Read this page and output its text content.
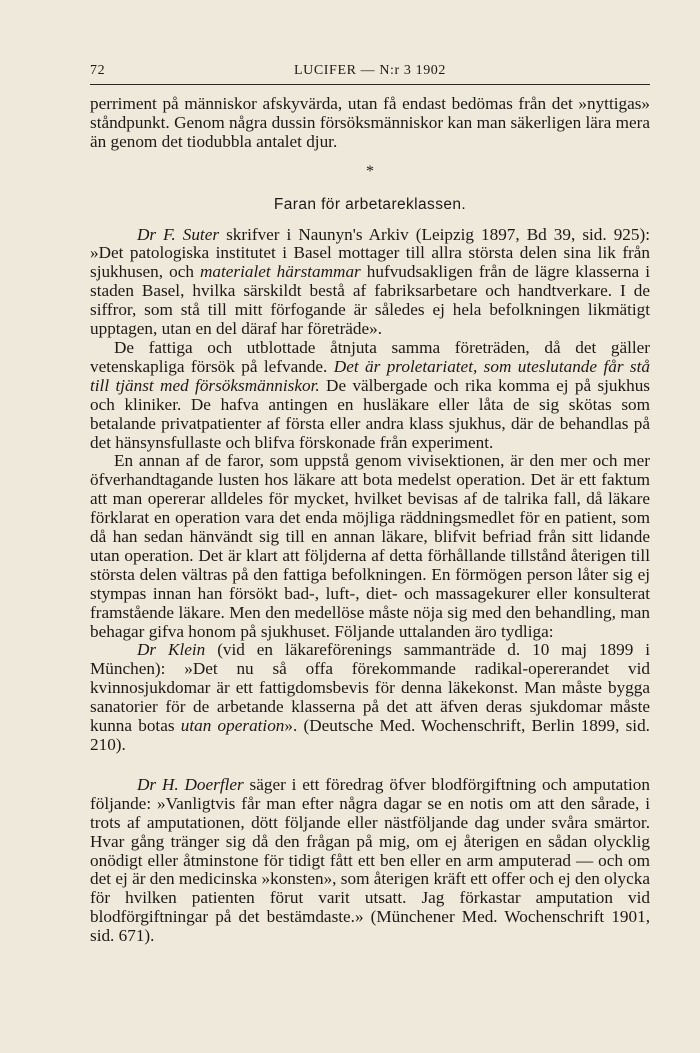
72	LUCIFER — N:r 3 1902

perriment på människor afskyvärda, utan få endast bedömas från det »nyttigas» ståndpunkt. Genom några dussin försöksmänniskor kan man säkerligen lära mera än genom det tiodubbla antalet djur.

*
Faran för arbetareklassen.

Dr F. Suter skrifver i Naunyn's Arkiv (Leipzig 1897, Bd 39, sid. 925): »Det patologiska institutet i Basel mottager till allra största delen sina lik från sjukhusen, och materialet härstammar hufvudsakligen från de lägre klasserna i staden Basel, hvilka särskildt bestå af fabriksarbetare och handtverkare. I de siffror, som stå till mitt förfogande är således ej hela befolkningen likmätigt upptagen, utan en del däraf har företräde».

De fattiga och utblottade åtnjuta samma företräden, då det gäller vetenskapliga försök på lefvande. Det är proletariatet, som uteslutande får stå till tjänst med försöksmänniskor. De välbergade och rika komma ej på sjukhus och kliniker. De hafva antingen en husläkare eller låta de sig skötas som betalande privatpatienter af första eller andra klass sjukhus, där de behandlas på det hänsynsfullaste och blifva förskonade från experiment.

En annan af de faror, som uppstå genom vivisektionen, är den mer och mer öfverhandtagande lusten hos läkare att bota medelst operation. Det är ett faktum att man opererar alldeles för mycket, hvilket bevisas af de talrika fall, då läkare förklarat en operation vara det enda möjliga räddningsmedlet för en patient, som då han sedan hänvändt sig till en annan läkare, blifvit befriad från sitt lidande utan operation. Det är klart att följderna af detta förhållande tillstånd återigen till största delen vältras på den fattiga befolkningen. En förmögen person låter sig ej stympas innan han försökt bad-, luft-, diet- och massagekurer eller konsulterat framstående läkare. Men den medellöse måste nöja sig med den behandling, man behagar gifva honom på sjukhuset. Följande uttalanden äro tydliga:

Dr Klein (vid en läkareförenings sammanträde d. 10 maj 1899 i München): »Det nu så offa förekommande radikal-opererandet vid kvinnosjukdomar är ett fattigdomsbevis för denna läkekonst. Man måste bygga sanatorier för de arbetande klasserna på det att äfven deras sjukdomar måste kunna botas utan operation». (Deutsche Med. Wochenschrift, Berlin 1899, sid. 210).

Dr H. Doerfler säger i ett föredrag öfver blodförgiftning och amputation följande: »Vanligtvis får man efter några dagar se en notis om att den sårade, i trots af amputationen, dött följande eller nästföljande dag under svåra smärtor. Hvar gång tränger sig då den frågan på mig, om ej återigen en sådan olycklig onödigt eller åtminstone för tidigt fått ett ben eller en arm amputerad — och om det ej är den medicinska »konsten», som återigen kräft ett offer och ej den olycka för hvilken patienten förut varit utsatt. Jag förkastar amputation vid blodförgiftningar på det bestämdaste.» (Münchener Med. Wochenschrift 1901, sid. 671).
